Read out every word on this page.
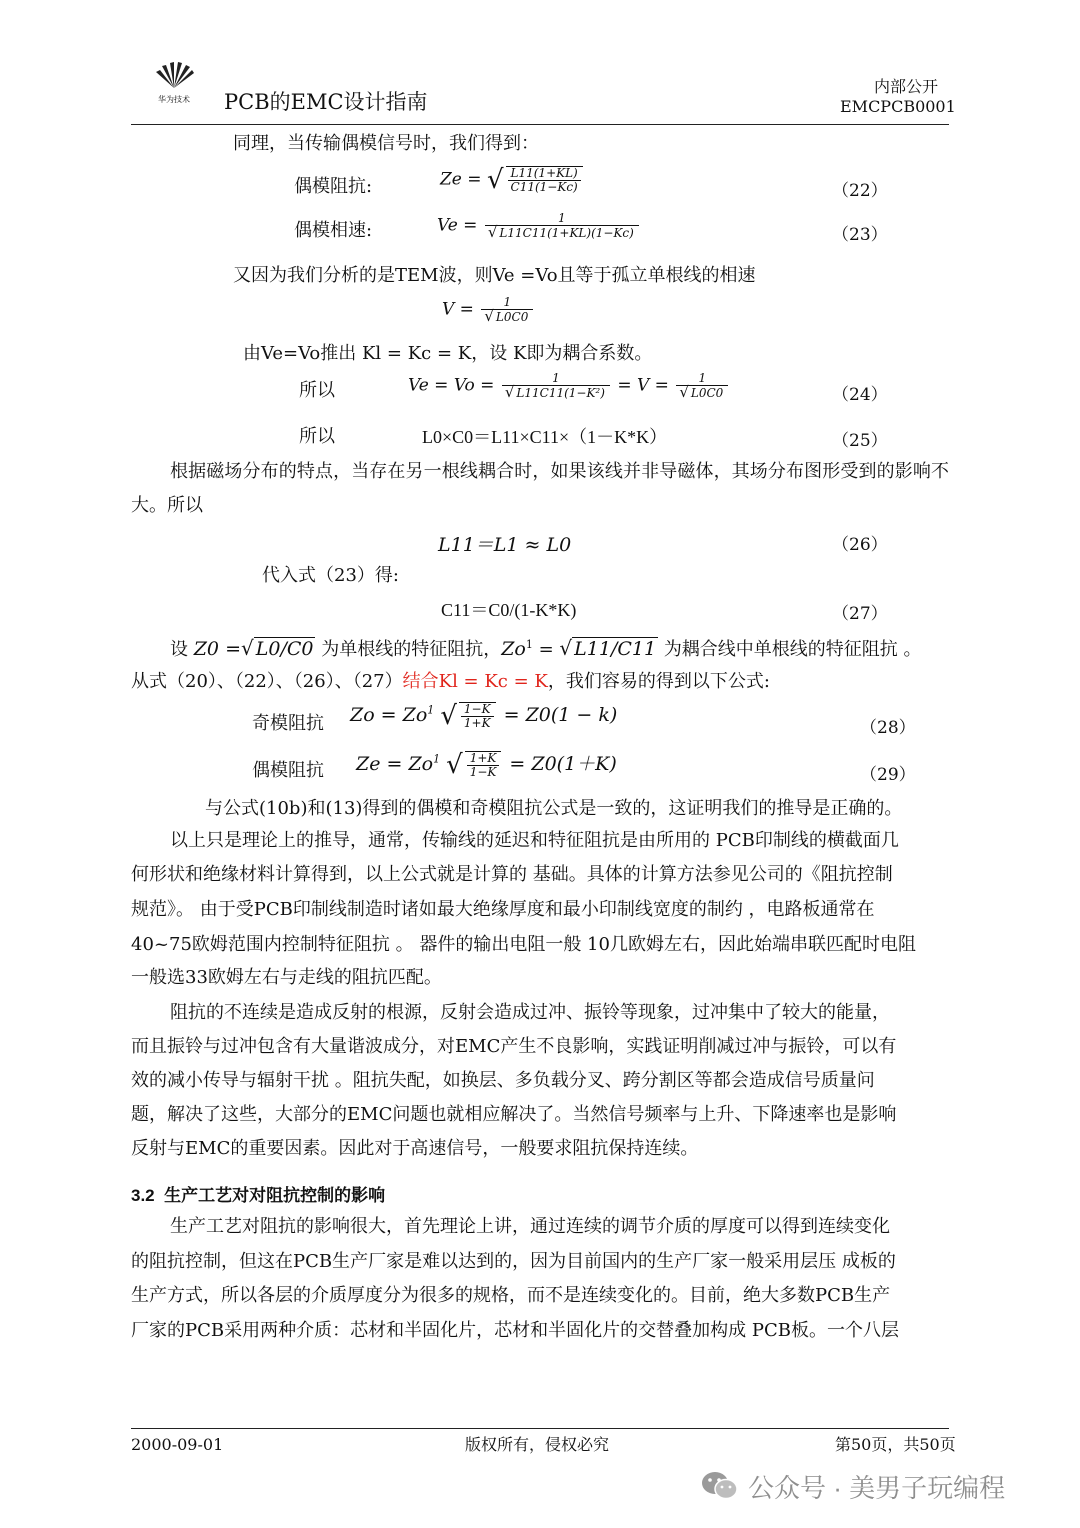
华为技术 PCB的EMC设计指南
内部公开
EMCPCB0001
同理，当传输偶模信号时，我们得到：
偶模阻抗:	Ze = √ $\frac{L11(1+KL)}{C11(1-Kc)}$	（22）
偶模相速:	$Ve = \frac{1}{√ L11C11(1+KL)(1-Kc)}$	（23）
又因为我们分析的是TEM波，则Ve =Vo且等于孤立单根线的相速
$V = \frac{1}{√ L0C0}$
由Ve=Vo推出 Kl = Kc = K，设 K即为耦合系数。
所以	$Ve = Vo = \frac{1}{\text{√ L11C11(1−K²)}} = V = \frac{1}{√ L0C0}$	（24）
所以	L0×C0＝L11×C11×（1－K*K）	（25）
根据磁场分布的特点，当存在另一根线耦合时，如果该线并非导磁体，其场分布图形受到的影响不大。所以
L11＝L1 ≈ L0	（26）
代入式（23）得:
C11＝C0/(1-K*K)	（27）
设 Z0 =√ L0/C0 为单根线的特征阻抗，$Zo^1$ = √ L11/C11 为耦合线中单根线的特征阻抗 。
从式（20）、（22）、（26）、（27）结合Kl = Kc = K，我们容易的得到以下公式:
奇模阻抗 $Zo = Zo^1$ √ $\frac{1-K}{1+K} = Z0(1 - k)$
（28）
偶模阻抗 $Ze = Zo^1$ √ $\frac{1+K}{1-K} = Z0(1+K)$	（29）
与公式(10b)和(13)得到的偶模和奇模阻抗公式是一致的，这证明我们的推导是正确的。
以上只是理论上的推导，通常，传输线的延迟和特征阻抗是由所用的 PCB印制线的横截面几
何形状和绝缘材料计算得到，以上公式就是计算的 基础。具体的计算方法参见公司的《阻抗控制
规范》。 由于受PCB印制线制造时诸如最大绝缘厚度和最小印制线宽度的制约 ，电路板通常在
40~75欧姆范围内控制特征阻抗 。 器件的输出电阻一般 10几欧姆左右，因此始端串联匹配时电阻
一般选33欧姆左右与走线的阻抗匹配。
阻抗的不连续是造成反射的根源，反射会造成过冲、振铃等现象，过冲集中了较大的能量，
而且振铃与过冲包含有大量谐波成分，对EMC产生不良影响，实践证明削减过冲与振铃，可以有
效的减小传导与辐射干扰 。阻抗失配，如换层、多负载分叉、跨分割区等都会造成信号质量问
题，解决了这些，大部分的EMC问题也就相应解决了。当然信号频率与上升、下降速率也是影响
反射与EMC的重要因素。因此对于高速信号，一般要求阻抗保持连续。
3.2 生产工艺对对阻抗控制的影响
生产工艺对阻抗的影响很大，首先理论上讲，通过连续的调节介质的厚度可以得到连续变化
的阻抗控制，但这在PCB生产厂家是难以达到的，因为目前国内的生产厂家一般采用层压 成板的
生产方式，所以各层的介质厚度分为很多的规格，而不是连续变化的。目前，绝大多数PCB生产
厂家的PCB采用两种介质：芯材和半固化片，芯材和半固化片的交替叠加构成 PCB板。一个八层
2000-09-01	版权所有，侵权必究	第50页，共50页
公众号 · 美男子玩编程
